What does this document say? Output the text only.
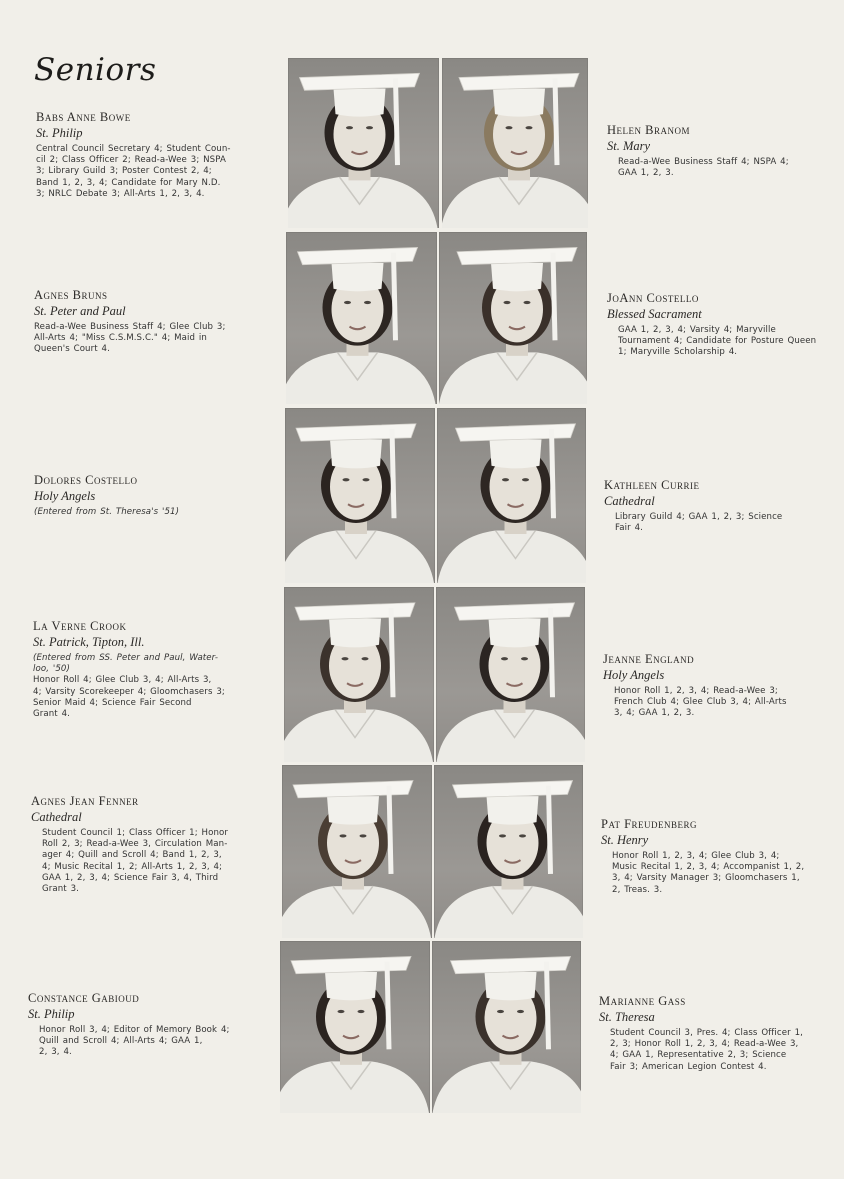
Seniors
Babs Anne Bowe
St. Philip
Central Council Secretary 4; Student Coun-
cil 2; Class Officer 2; Read-a-Wee 3; NSPA
3; Library Guild 3; Poster Contest 2, 4;
Band 1, 2, 3, 4; Candidate for Mary N.D.
3; NRLC Debate 3; All-Arts 1, 2, 3, 4.
Agnes Bruns
St. Peter and Paul
Read-a-Wee Business Staff 4; Glee Club 3;
All-Arts 4; "Miss C.S.M.S.C." 4; Maid in
Queen's Court 4.
Dolores Costello
Holy Angels
(Entered from St. Theresa's '51)
La Verne Crook
St. Patrick, Tipton, Ill.
(Entered from SS. Peter and Paul, Water-
loo, '50)
Honor Roll 4; Glee Club 3, 4; All-Arts 3,
4; Varsity Scorekeeper 4; Gloomchasers 3;
Senior Maid 4; Science Fair Second
Grant 4.
Agnes Jean Fenner
Cathedral
Student Council 1; Class Officer 1; Honor
Roll 2, 3; Read-a-Wee 3, Circulation Man-
ager 4; Quill and Scroll 4; Band 1, 2, 3,
4; Music Recital 1, 2; All-Arts 1, 2, 3, 4;
GAA 1, 2, 3, 4; Science Fair 3, 4, Third
Grant 3.
Constance Gabioud
St. Philip
Honor Roll 3, 4; Editor of Memory Book 4;
Quill and Scroll 4; All-Arts 4; GAA 1,
2, 3, 4.
Helen Branom
St. Mary
Read-a-Wee Business Staff 4; NSPA 4;
GAA 1, 2, 3.
JoAnn Costello
Blessed Sacrament
GAA 1, 2, 3, 4; Varsity 4; Maryville
Tournament 4; Candidate for Posture Queen
1; Maryville Scholarship 4.
Kathleen Currie
Cathedral
Library Guild 4; GAA 1, 2, 3; Science
Fair 4.
Jeanne England
Holy Angels
Honor Roll 1, 2, 3, 4; Read-a-Wee 3;
French Club 4; Glee Club 3, 4; All-Arts
3, 4; GAA 1, 2, 3.
Pat Freudenberg
St. Henry
Honor Roll 1, 2, 3, 4; Glee Club 3, 4;
Music Recital 1, 2, 3, 4; Accompanist 1, 2,
3, 4; Varsity Manager 3; Gloomchasers 1,
2, Treas. 3.
Marianne Gass
St. Theresa
Student Council 3, Pres. 4; Class Officer 1,
2, 3; Honor Roll 1, 2, 3, 4; Read-a-Wee 3,
4; GAA 1, Representative 2, 3; Science
Fair 3; American Legion Contest 4.
